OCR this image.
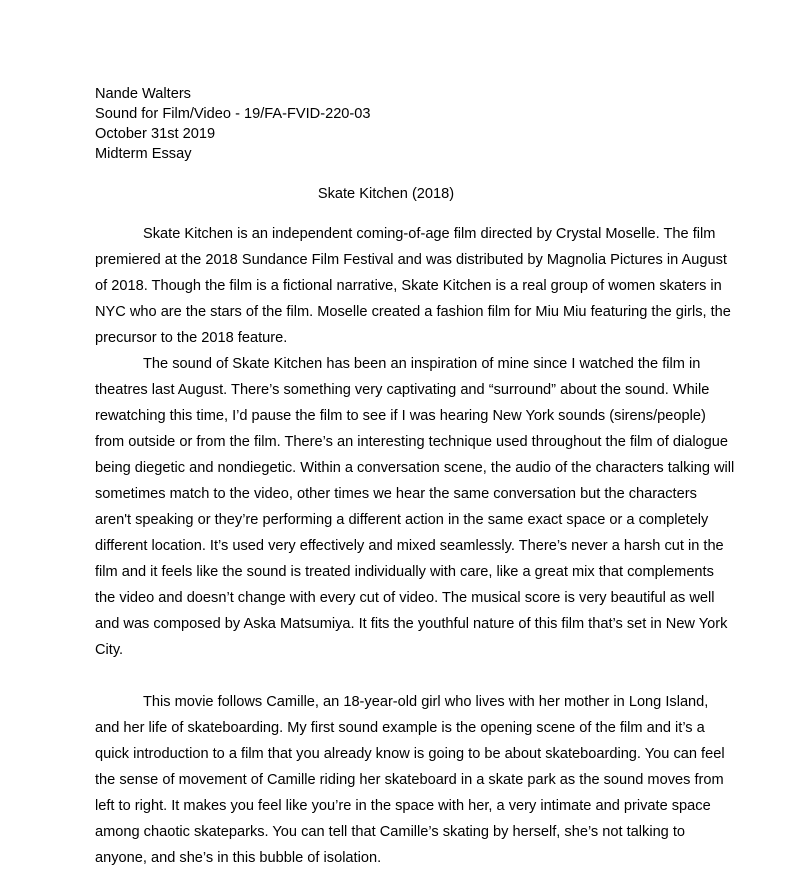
Nande Walters
Sound for Film/Video - 19/FA-FVID-220-03
October 31st 2019
Midterm Essay
Skate Kitchen (2018)

Skate Kitchen is an independent coming-of-age film directed by Crystal Moselle. The film premiered at the 2018 Sundance Film Festival and was distributed by Magnolia Pictures in August of 2018. Though the film is a fictional narrative, Skate Kitchen is a real group of women skaters in NYC who are the stars of the film. Moselle created a fashion film for Miu Miu featuring the girls, the precursor to the 2018 feature.

The sound of Skate Kitchen has been an inspiration of mine since I watched the film in theatres last August. There’s something very captivating and “surround” about the sound. While rewatching this time, I’d pause the film to see if I was hearing New York sounds (sirens/people) from outside or from the film. There’s an interesting technique used throughout the film of dialogue being diegetic and nondiegetic. Within a conversation scene, the audio of the characters talking will sometimes match to the video, other times we hear the same conversation but the characters aren't speaking or they’re performing a different action in the same exact space or a completely different location. It’s used very effectively and mixed seamlessly. There’s never a harsh cut in the film and it feels like the sound is treated individually with care, like a great mix that complements the video and doesn’t change with every cut of video. The musical score is very beautiful as well and was composed by Aska Matsumiya. It fits the youthful nature of this film that’s set in New York City.

This movie follows Camille, an 18-year-old girl who lives with her mother in Long Island, and her life of skateboarding. My first sound example is the opening scene of the film and it’s a quick introduction to a film that you already know is going to be about skateboarding. You can feel the sense of movement of Camille riding her skateboard in a skate park as the sound moves from left to right. It makes you feel like you’re in the space with her, a very intimate and private space among chaotic skateparks. You can tell that Camille’s skating by herself, she’s not talking to anyone, and she’s in this bubble of isolation.
